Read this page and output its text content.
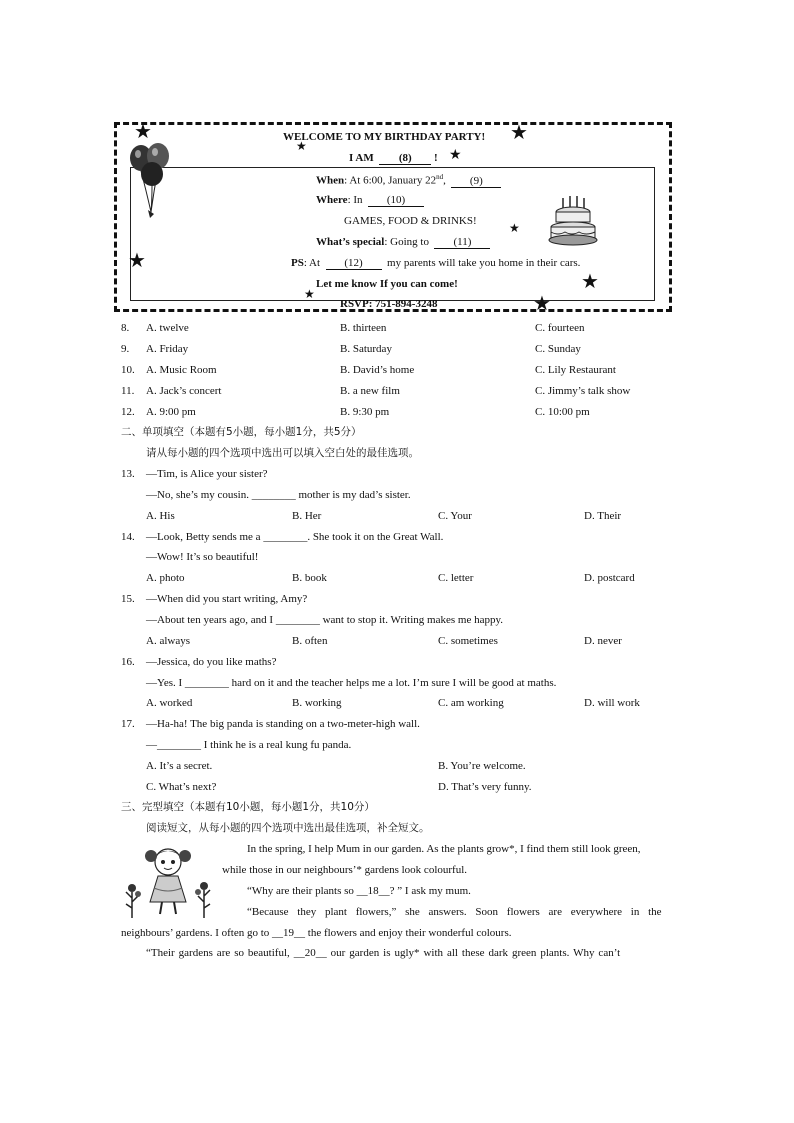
★
★
★
★
★
★
★
★	★
WELCOME TO MY BIRTHDAY PARTY!
I AM (8) !
When: At 6:00, January 22nd, (9)
Where: In (10)
GAMES, FOOD & DRINKS!
What’s special: Going to (11)
PS: At (12) my parents will take you home in their cars.
Let me know If you can come!
RSVP: 751-894-3248
8. A. twelve	B. thirteen	C. fourteen
9. A. Friday	B. Saturday	C. Sunday
10. A. Music Room	B. David’s home	C. Lily Restaurant
11. A. Jack’s concert	B. a new film	C. Jimmy’s talk show
12. A. 9:00 pm	B. 9:30 pm	C. 10:00 pm
二、单项填空（本题有5小题，每小题1分，共5分）
请从每小题的四个选项中选出可以填入空白处的最佳选项。
13. —Tim, is Alice your sister?
—No, she’s my cousin. ________ mother is my dad’s sister.
A. His	B. Her	C. Your	D. Their
14. —Look, Betty sends me a ________. She took it on the Great Wall.
—Wow! It’s so beautiful!
A. photo	B. book	C. letter	D. postcard
15. —When did you start writing, Amy?
—About ten years ago, and I ________ want to stop it. Writing makes me happy.
A. always	B. often	C. sometimes	D. never
16. —Jessica, do you like maths?
—Yes. I ________ hard on it and the teacher helps me a lot. I’m sure I will be good at maths.
A. worked	B. working	C. am working	D. will work
17. —Ha-ha! The big panda is standing on a two-meter-high wall.
—________ I think he is a real kung fu panda.
A. It’s a secret.	B. You’re welcome.
C. What’s next?	D. That’s very funny.
三、完型填空（本题有10小题，每小题1分，共10分）
阅读短文，从每小题的四个选项中选出最佳选项，补全短文。
In the spring, I help Mum in our garden. As the plants grow*, I find them still look green,
while those in our neighbours’* gardens look colourful.
“Why are their plants so __18__? ” I ask my mum.
“Because they plant flowers,” she answers. Soon flowers are everywhere in the
neighbours’ gardens. I often go to __19__ the flowers and enjoy their wonderful colours.
“Their gardens are so beautiful, __20__ our garden is ugly* with all these dark green plants. Why can’t
